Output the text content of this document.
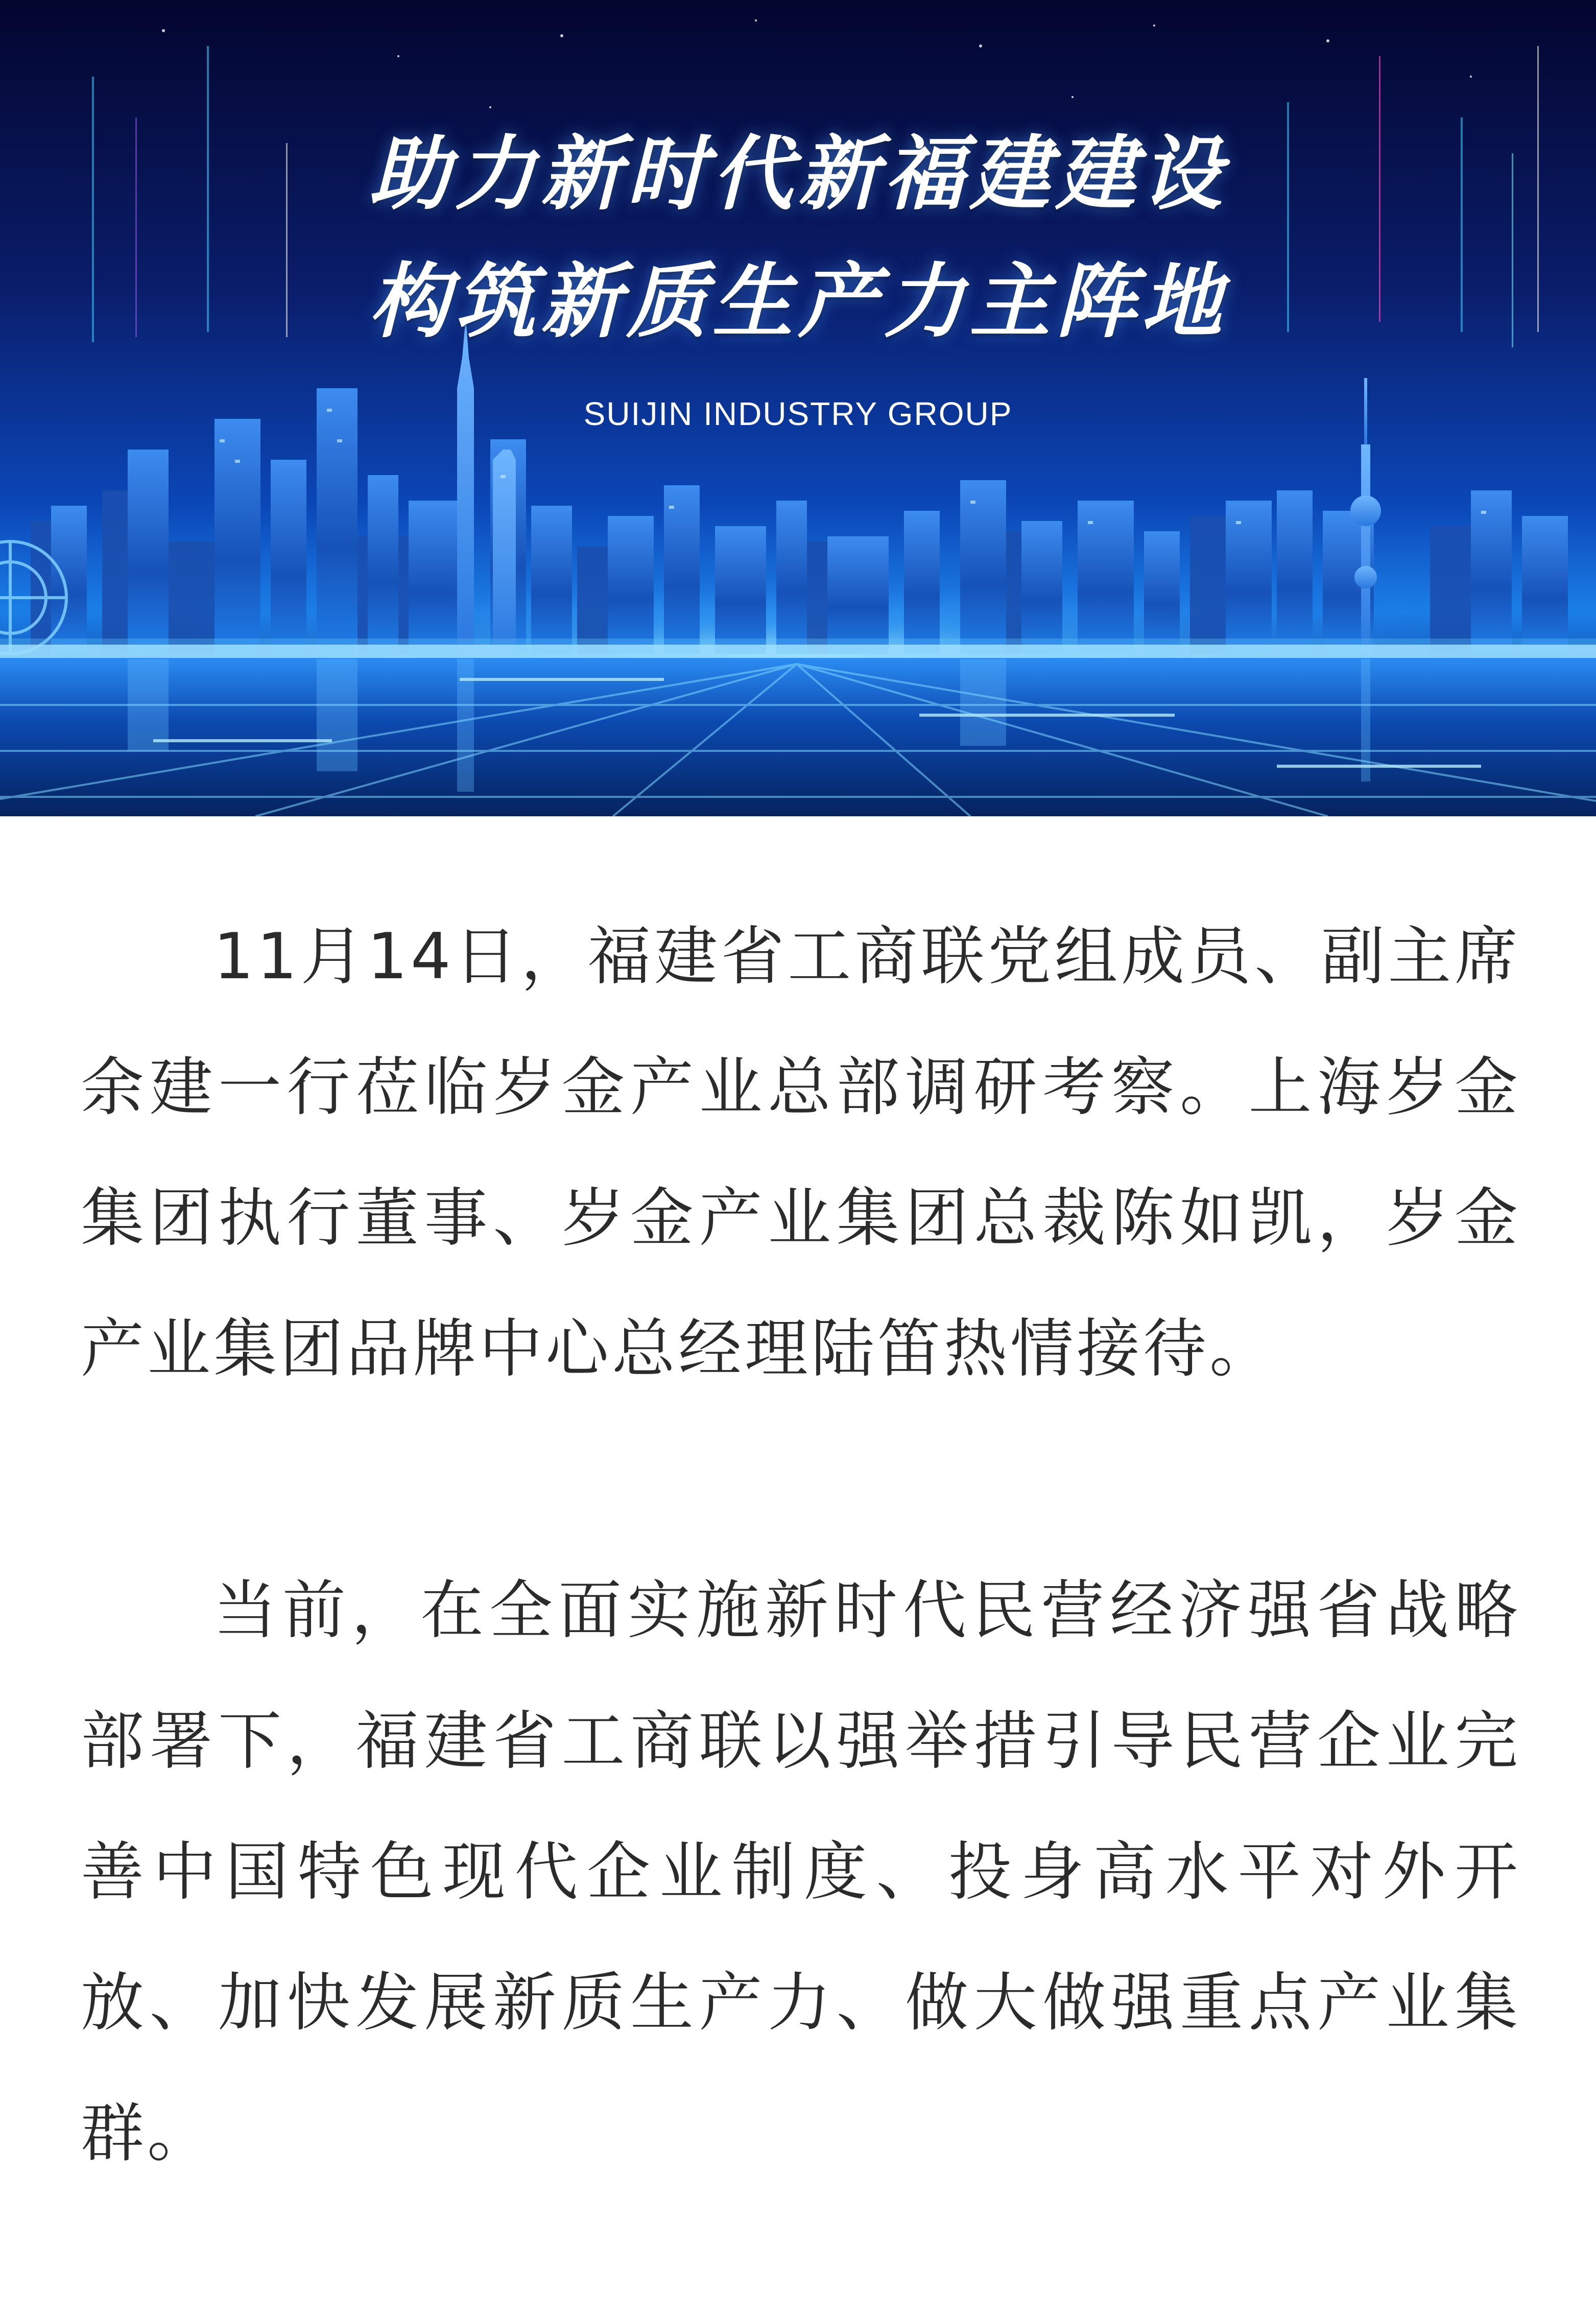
助力新时代新福建建设
构筑新质生产力主阵地
SUIJIN INDUSTRY GROUP

11月14日，福建省工商联党组成员、副主席余建一行莅临岁金产业总部调研考察。上海岁金集团执行董事、岁金产业集团总裁陈如凯，岁金产业集团品牌中心总经理陆笛热情接待。

当前，在全面实施新时代民营经济强省战略部署下，福建省工商联以强举措引导民营企业完善中国特色现代企业制度、投身高水平对外开放、加快发展新质生产力、做大做强重点产业集群。
